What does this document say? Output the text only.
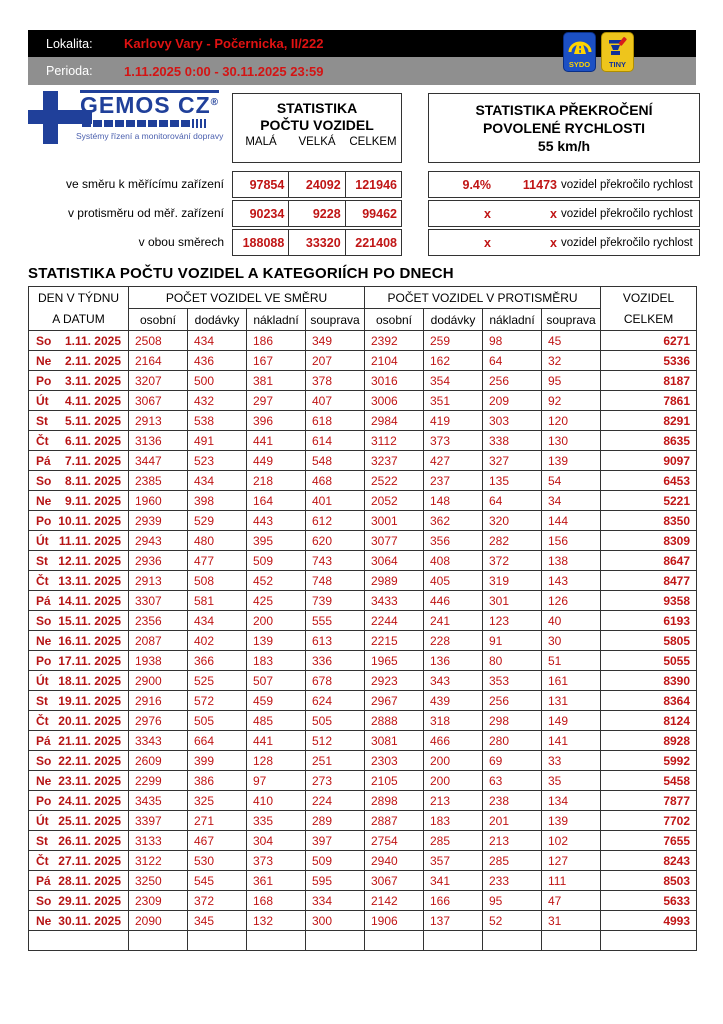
Lokalita:	Karlovy Vary - Počernicka, II/222
Perioda:	1.11.2025 0:00 - 30.11.2025 23:59	SYDO	TINY
GEMOS CZ®
Systémy řízení a monitorování dopravy
STATISTIKA
POČTU VOZIDEL
MALÁ	VELKÁ	CELKEM
STATISTIKA PŘEKROČENÍ
POVOLENÉ RYCHLOSTI
55 km/h
ve směru k měřícímu zařízení	97854	24092	121946	9.4%	11473 vozidel překročilo rychlost
v protisměru od měř. zařízení	90234	9228	99462	x	x vozidel překročilo rychlost
v obou směrech	188088	33320	221408	x	x vozidel překročilo rychlost
STATISTIKA POČTU VOZIDEL A KATEGORIÍCH PO DNECH
DEN V TÝDNU
A DATUM
	POČET VOZIDEL VE SMĚRU	POČET VOZIDEL V PROTISMĚRU	VOZIDEL
CELKEM

	osobní	dodávky	nákladní	souprava	osobní	dodávky	nákladní	souprava	

So 1.11. 2025	2508	434	186	349	2392	259	98	45	6271

Ne 2.11. 2025	2164	436	167	207	2104	162	64	32	5336

Po 3.11. 2025	3207	500	381	378	3016	354	256	95	8187

Út 4.11. 2025	3067	432	297	407	3006	351	209	92	7861

St 5.11. 2025	2913	538	396	618	2984	419	303	120	8291

Čt 6.11. 2025	3136	491	441	614	3112	373	338	130	8635

Pá 7.11. 2025	3447	523	449	548	3237	427	327	139	9097

So 8.11. 2025	2385	434	218	468	2522	237	135	54	6453

Ne 9.11. 2025	1960	398	164	401	2052	148	64	34	5221

Po 10.11. 2025	2939	529	443	612	3001	362	320	144	8350

Út 11.11. 2025	2943	480	395	620	3077	356	282	156	8309

St 12.11. 2025	2936	477	509	743	3064	408	372	138	8647

Čt 13.11. 2025	2913	508	452	748	2989	405	319	143	8477

Pá 14.11. 2025	3307	581	425	739	3433	446	301	126	9358

So 15.11. 2025	2356	434	200	555	2244	241	123	40	6193

Ne 16.11. 2025	2087	402	139	613	2215	228	91	30	5805

Po 17.11. 2025	1938	366	183	336	1965	136	80	51	5055

Út 18.11. 2025	2900	525	507	678	2923	343	353	161	8390

St 19.11. 2025	2916	572	459	624	2967	439	256	131	8364

Čt 20.11. 2025	2976	505	485	505	2888	318	298	149	8124

Pá 21.11. 2025	3343	664	441	512	3081	466	280	141	8928

So 22.11. 2025	2609	399	128	251	2303	200	69	33	5992

Ne 23.11. 2025	2299	386	97	273	2105	200	63	35	5458

Po 24.11. 2025	3435	325	410	224	2898	213	238	134	7877

Út 25.11. 2025	3397	271	335	289	2887	183	201	139	7702

St 26.11. 2025	3133	467	304	397	2754	285	213	102	7655

Čt 27.11. 2025	3122	530	373	509	2940	357	285	127	8243

Pá 28.11. 2025	3250	545	361	595	3067	341	233	111	8503

So 29.11. 2025	2309	372	168	334	2142	166	95	47	5633

Ne 30.11. 2025	2090	345	132	300	1906	137	52	31	4993
